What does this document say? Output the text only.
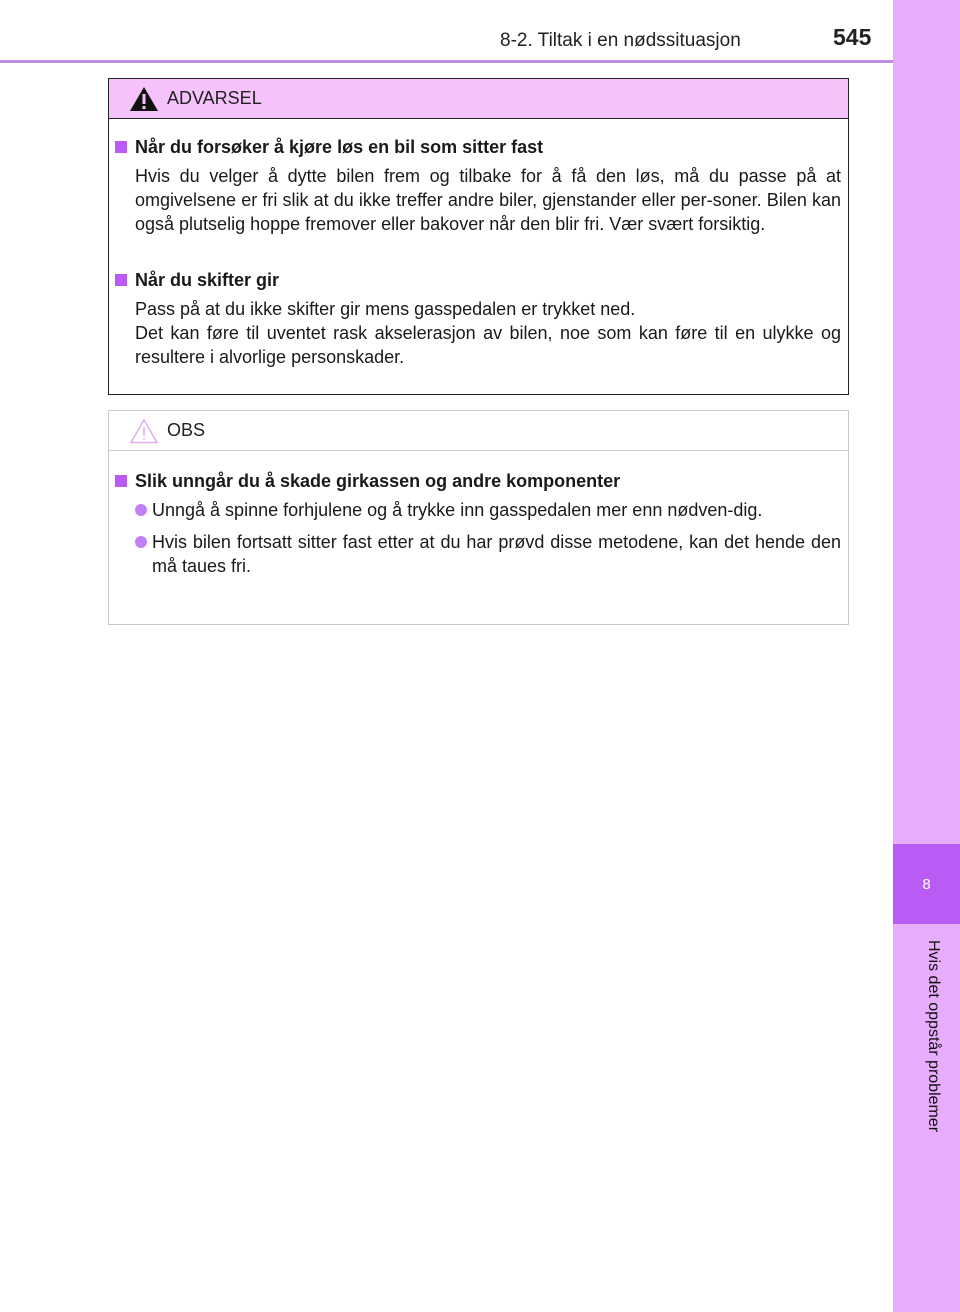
8-2. Tiltak i en nødssituasjon	545
8
Hvis det oppstår problemer
ADVARSEL
Når du forsøker å kjøre løs en bil som sitter fast

Hvis du velger å dytte bilen frem og tilbake for å få den løs, må du passe på at omgivelsene er fri slik at du ikke treffer andre biler, gjenstander eller per-soner. Bilen kan også plutselig hoppe fremover eller bakover når den blir fri. Vær svært forsiktig.

Når du skifter gir

Pass på at du ikke skifter gir mens gasspedalen er trykket ned.

Det kan føre til uventet rask akselerasjon av bilen, noe som kan føre til en ulykke og resultere i alvorlige personskader.

OBS
Slik unngår du å skade girkassen og andre komponenter
Unngå å spinne forhjulene og å trykke inn gasspedalen mer enn nødven-dig.
Hvis bilen fortsatt sitter fast etter at du har prøvd disse metodene, kan det hende den må taues fri.
